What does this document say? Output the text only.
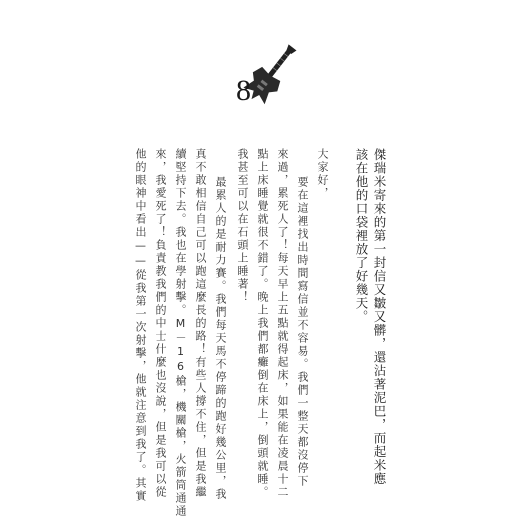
8
傑瑞米寄來的第一封信又皺又髒，還沾著泥巴，而起米應
該在他的口袋裡放了好幾天。
大家好，
要在這裡找出時間寫信並不容易。我們一整天都沒停下
來過，累死人了！每天早上五點就得起床，如果能在凌晨十二
點上床睡覺就很不錯了。晚上我們都癱倒在床上，倒頭就睡。
我甚至可以在石頭上睡著！
最累人的是耐力賽。我們每天馬不停蹄的跑好幾公里，我
真不敢相信自己可以跑這麼長的路！有些人撐不住，但是我繼
續堅持下去。我也在學射擊。M－16槍，機關槍，火箭筒通通
來，我愛死了！負責教我們的中士什麼也沒說，但是我可以從
他的眼神中看出——從我第一次射擊，他就注意到我了。其實
